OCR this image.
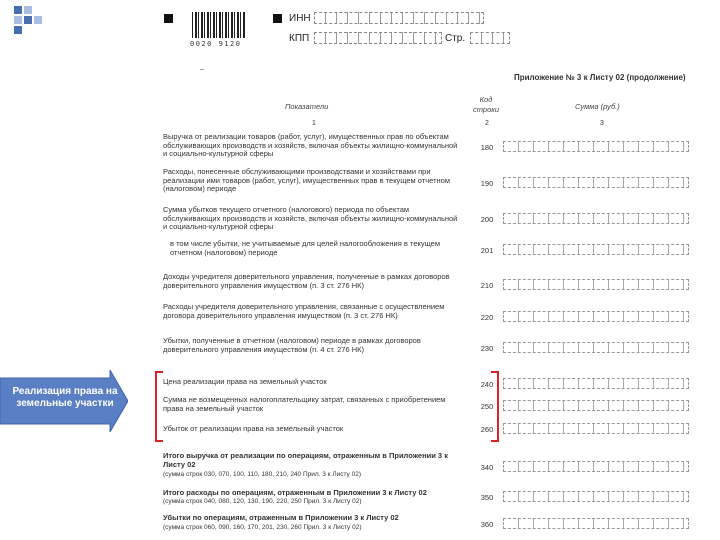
0020 9120
ИНН
КПП	Стр.
~
Приложение № 3 к Листу 02 (продолжение)
Показатели
Код строки	Сумма (руб.)
1	2	3
Выручка от реализации товаров (работ, услуг), имущественных прав по объектам обслуживающих производств и хозяйств, включая объекты жилищно-коммунальной и социально-культурной сферы
180
Расходы, понесенные обслуживающими производствами и хозяйствами при реализации ими товаров (работ, услуг), имущественных прав в текущем отчетном (налоговом) периоде
190
Сумма убытков текущего отчетного (налогового) периода по объектам обслуживающих производств и хозяйств, включая объекты жилищно-коммунальной и социально-культурной сферы
200
в том числе убытки, не учитываемые для целей налогообложения в текущем отчетном (налоговом) периоде	201
Доходы учредителя доверительного управления, полученные в рамках договоров доверительного управления имуществом (п. 3 ст. 276 НК)	210
Расходы учредителя доверительного управления, связанные с осуществлением договора доверительного управления имуществом (п. 3 ст. 276 НК)	220
Убытки, полученные в отчетном (налоговом) периоде в рамках договоров доверительного управления имуществом (п. 4 ст. 276 НК)	230
Цена реализации права на земельный участок	240
Сумма не возмещенных налогоплательщику затрат, связанных с приобретением права на земельный участок	250
Убыток от реализации права на земельный участок	260
Итого выручка от реализации по операциям, отраженным в Приложении 3 к Листу 02
(сумма строк 030, 070, 100, 110, 180, 210, 240 Прил. 3 к Листу 02)
340
Итого расходы по операциям, отраженным в Приложении 3 к Листу 02
(сумма строк 040, 080, 120, 130, 190, 220, 250 Прил. 3 к Листу 02)	350
Убытки по операциям, отраженным в Приложении 3 к Листу 02
(сумма строк 060, 090, 160, 170, 201, 230, 260 Прил. 3 к Листу 02)	360
Реализация права на земельные участки
